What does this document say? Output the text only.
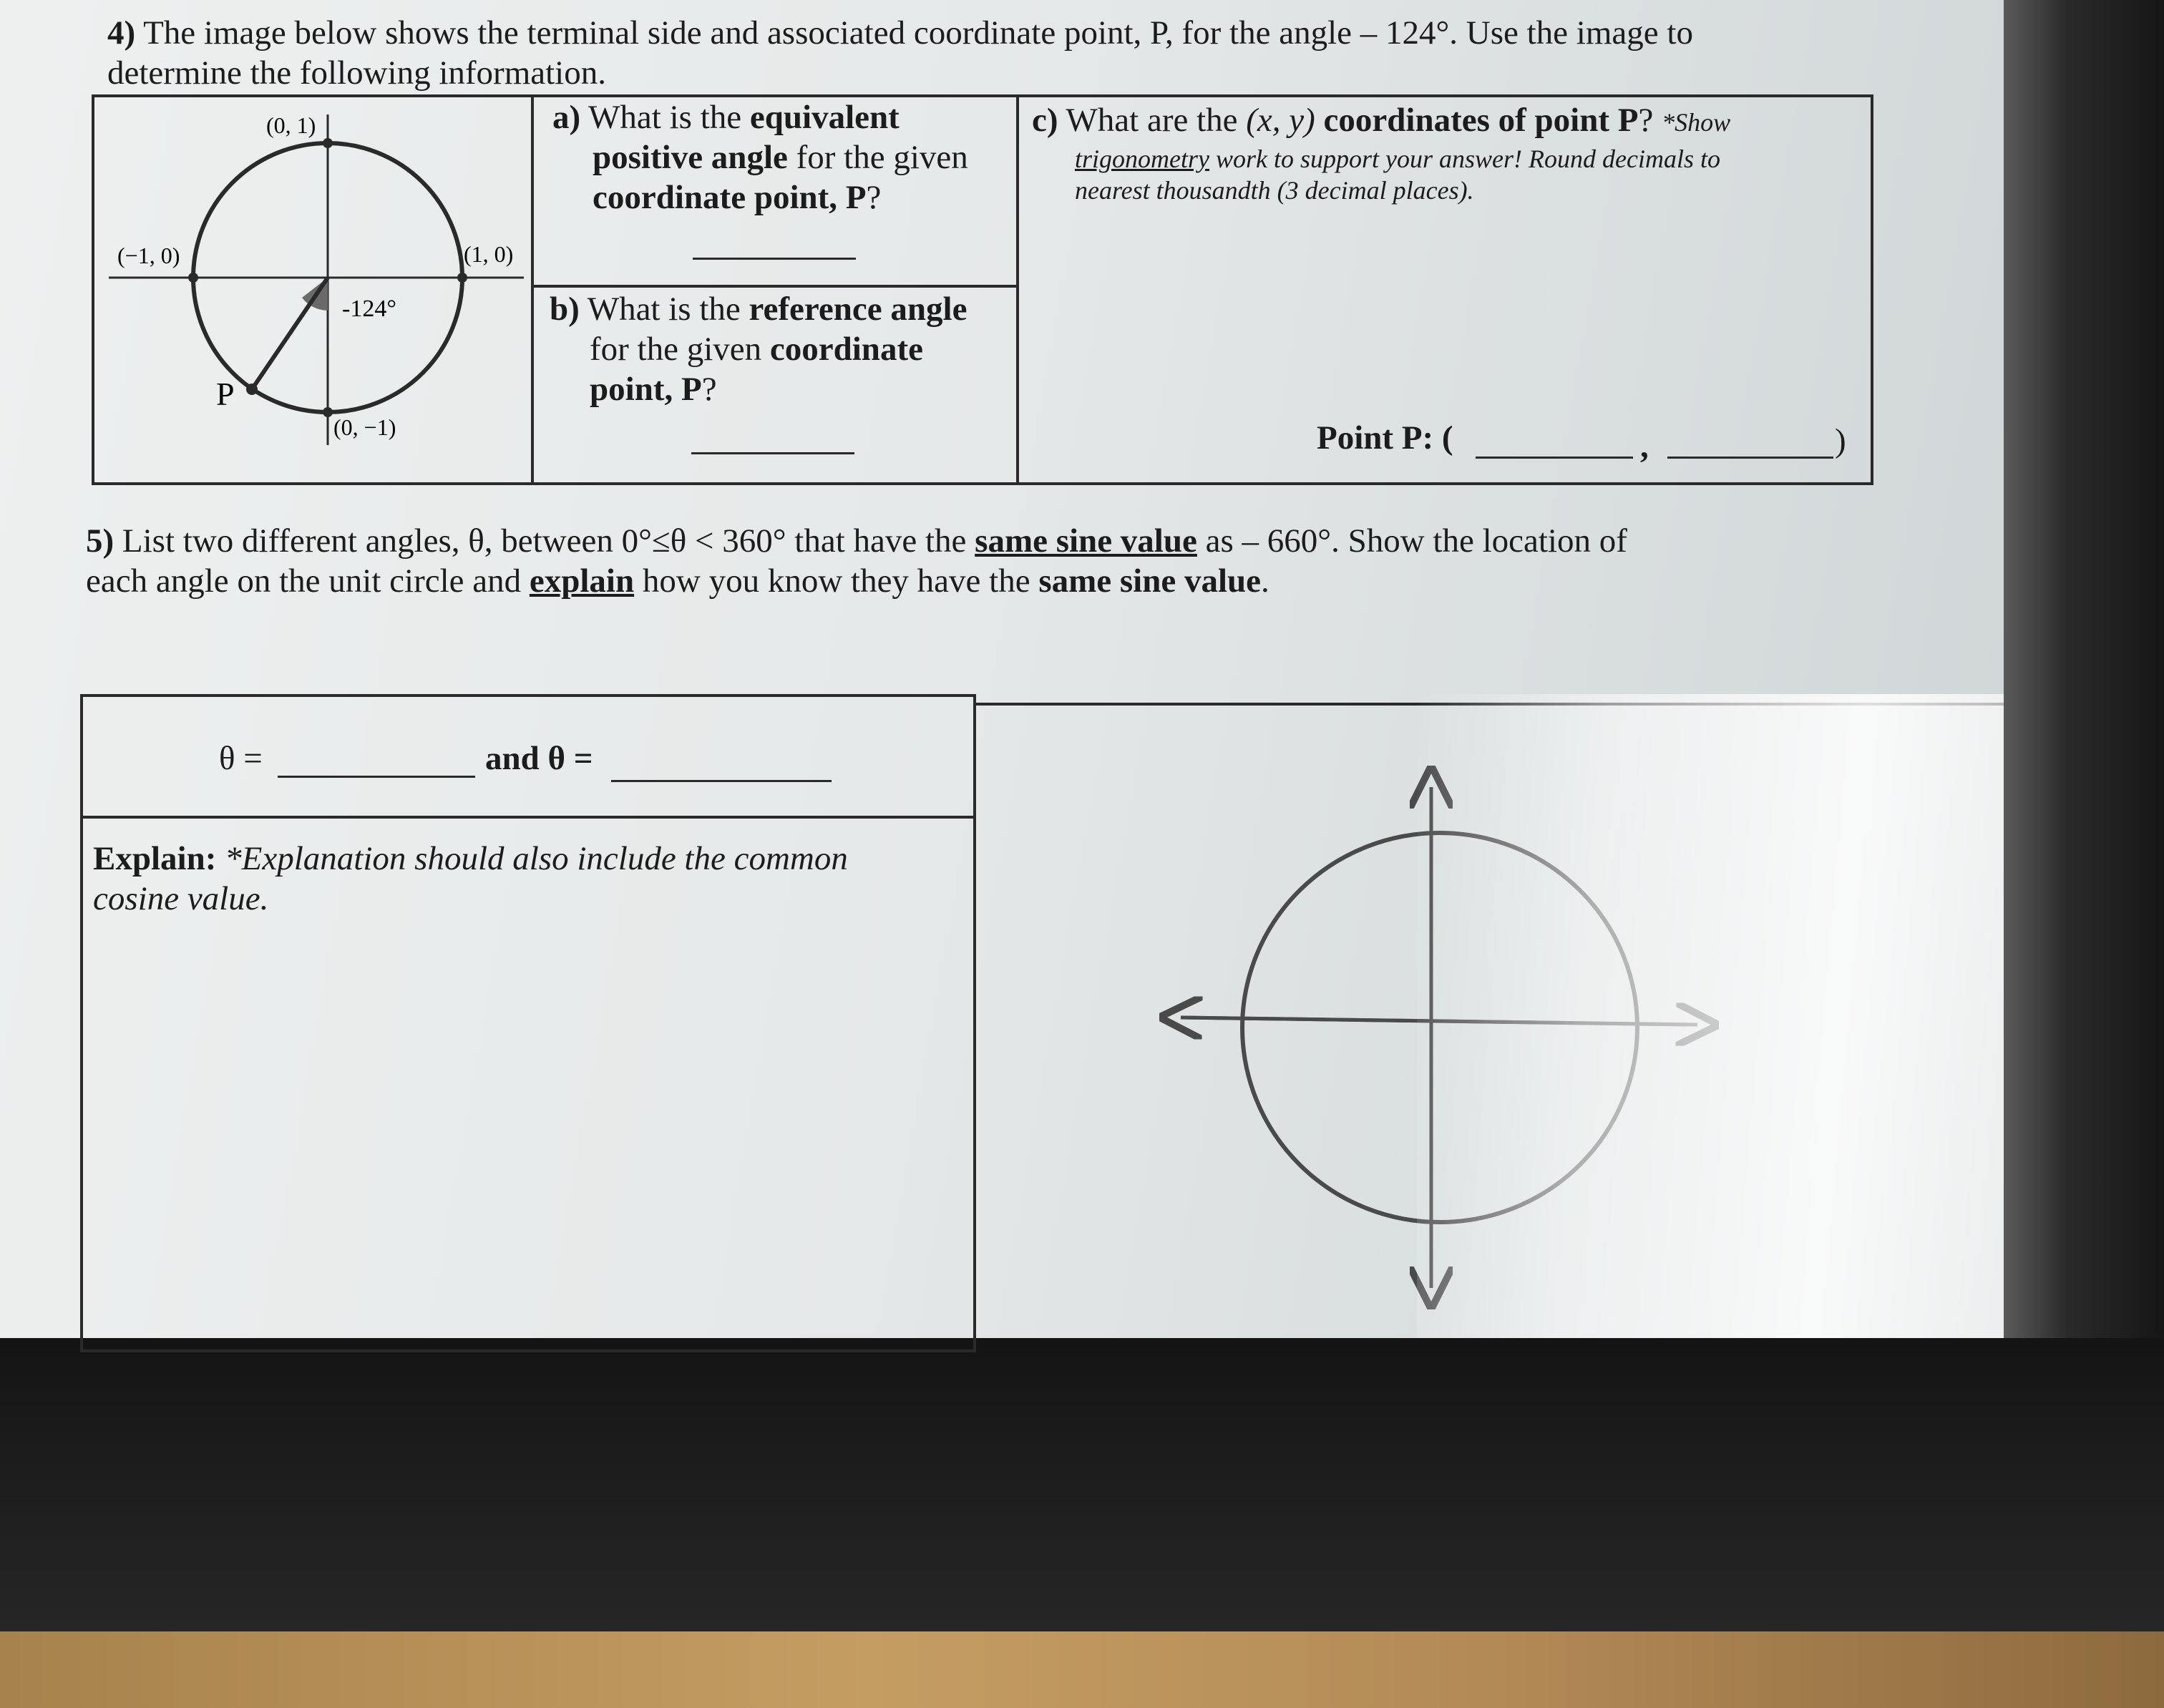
4) The image below shows the terminal side and associated coordinate point, P, for the angle – 124°. Use the image to
determine the following information.
(0, 1)
(−1, 0)	(1, 0)
(0, −1)
-124°
P
a) What is the equivalent
positive angle for the given
coordinate point, P?
b) What is the reference angle
for the given coordinate
point, P?
c) What are the (x, y) coordinates of point P? *Show
trigonometry work to support your answer! Round decimals to
nearest thousandth (3 decimal places).
Point P: (	,	)
5) List two different angles, θ, between 0°≤θ < 360° that have the same sine value as – 660°. Show the location of
each angle on the unit circle and explain how you know they have the same sine value.
θ =	and θ =
Explain: *Explanation should also include the common
cosine value.
